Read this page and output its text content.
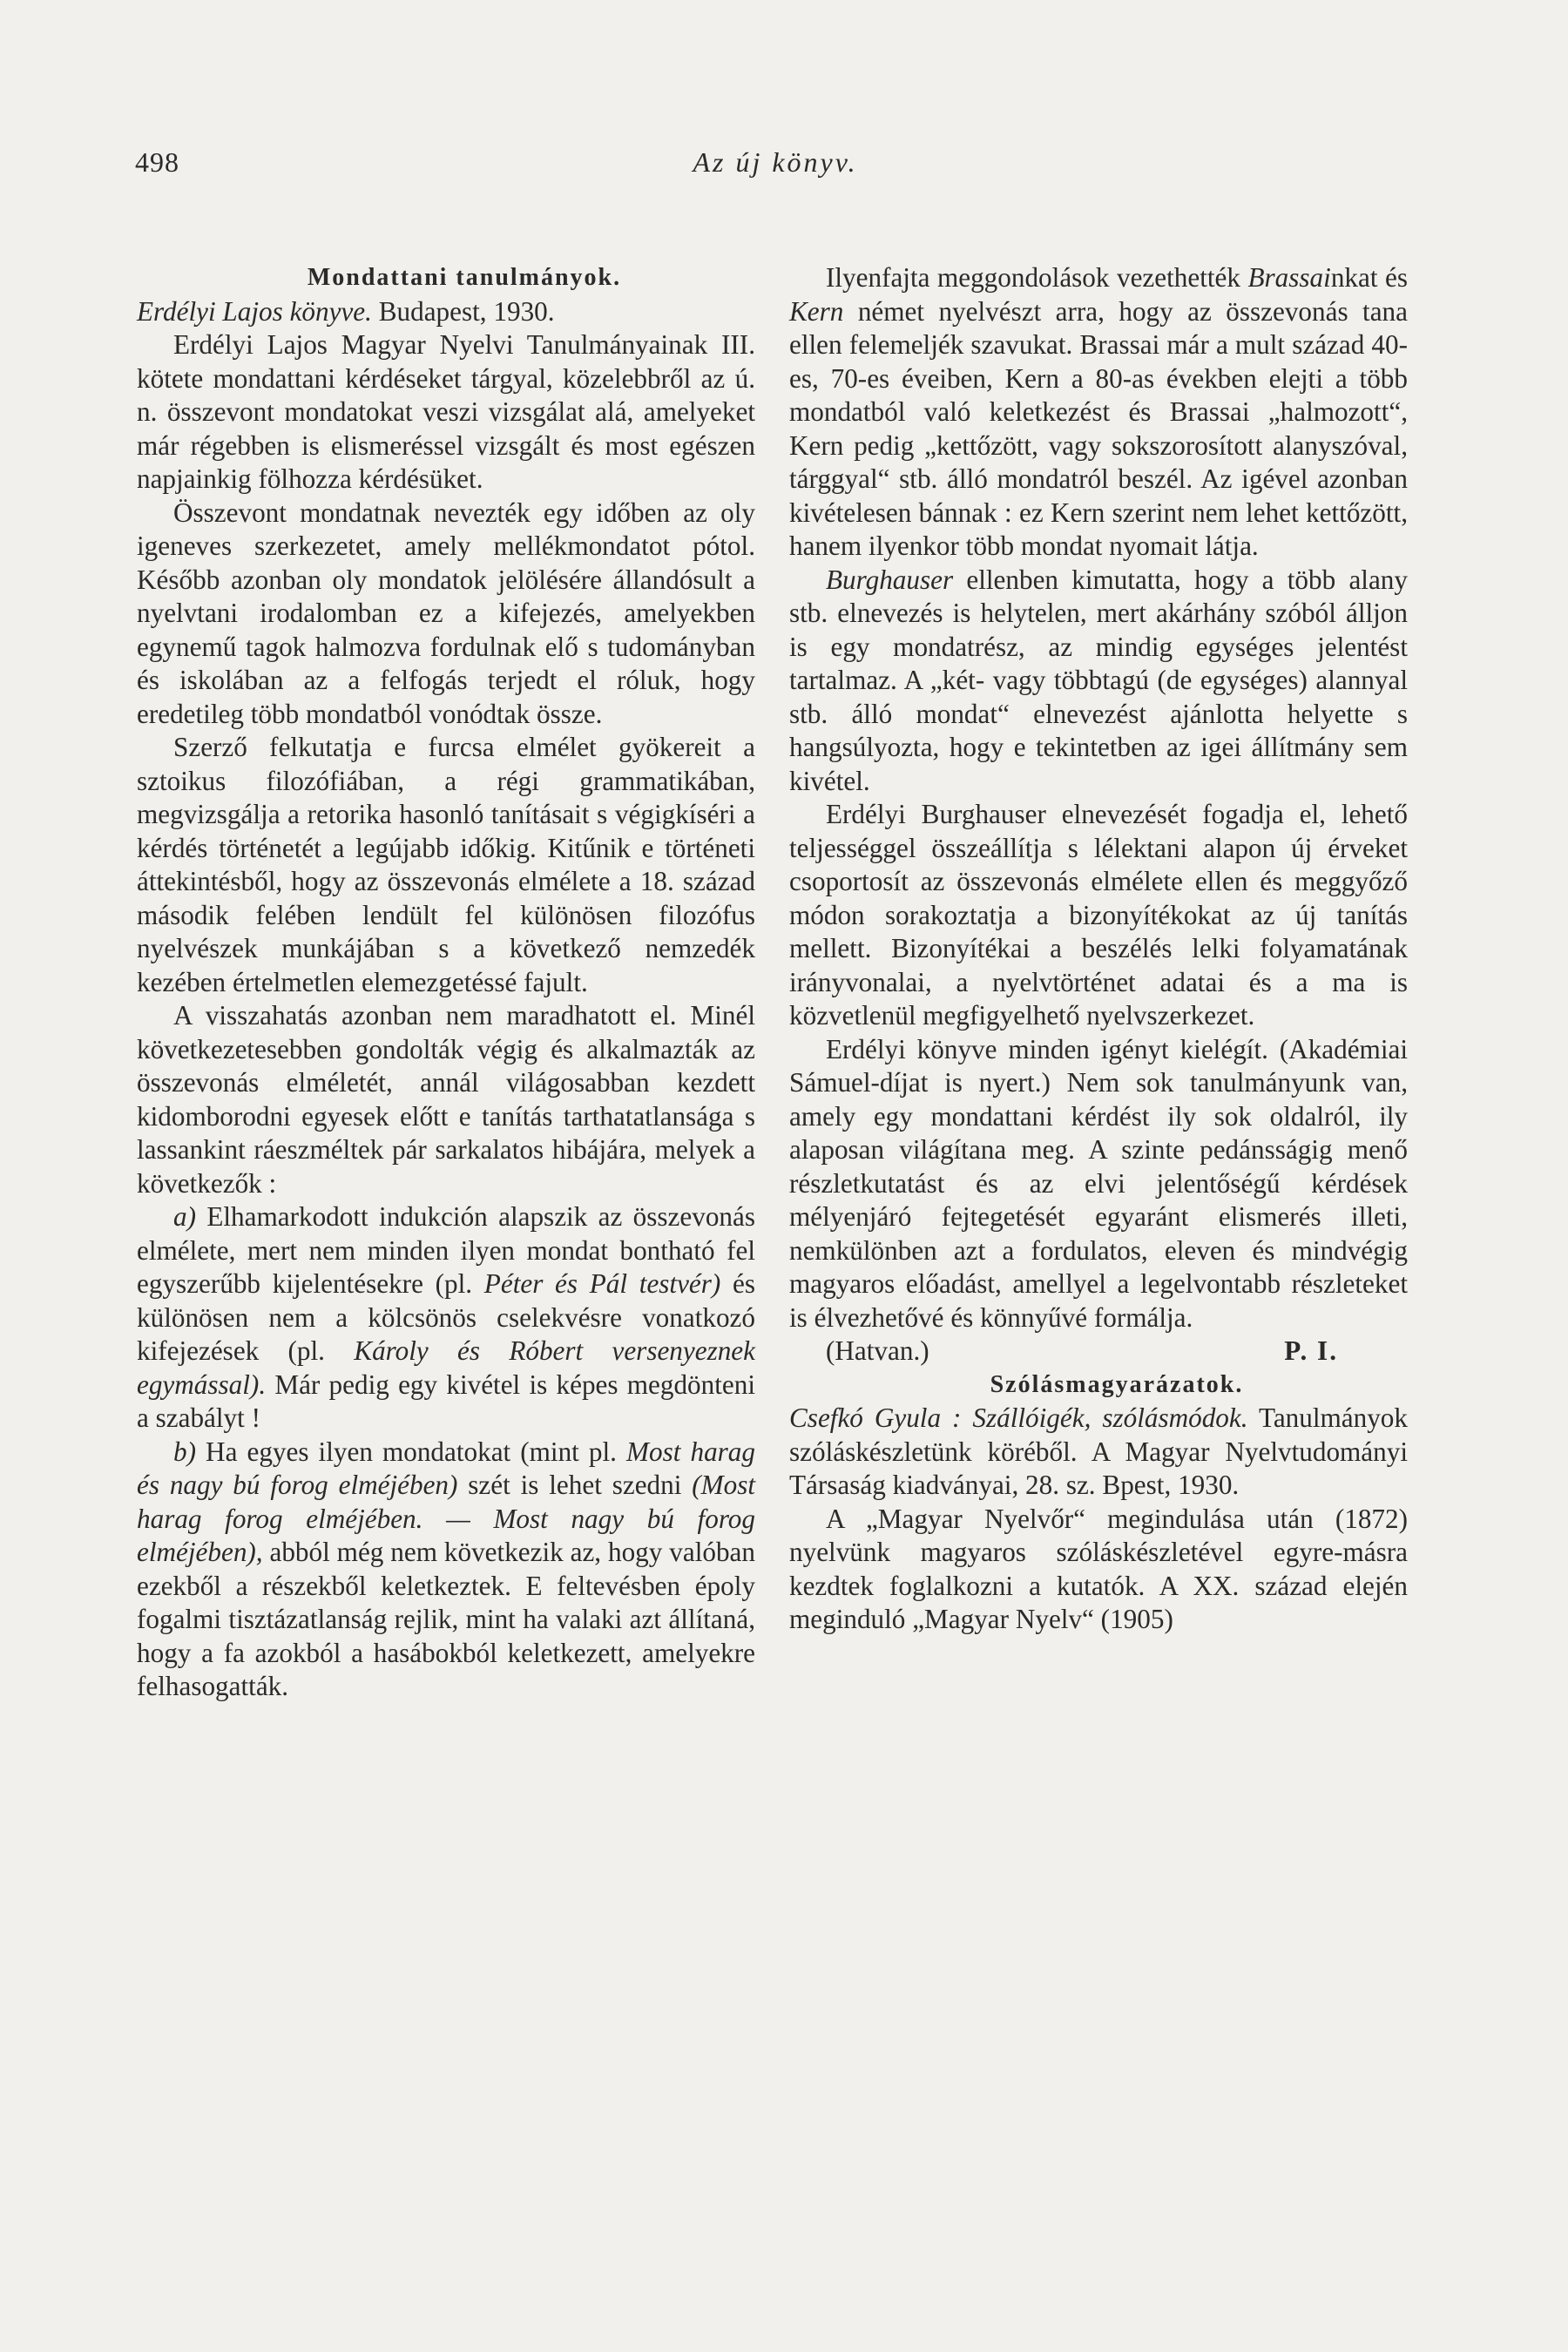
498	Az új könyv.

Mondattani tanulmányok.

Erdélyi Lajos könyve. Budapest, 1930.

Erdélyi Lajos Magyar Nyelvi Tanulmányainak III. kötete mondattani kérdéseket tárgyal, közelebbről az ú. n. összevont mondatokat veszi vizsgálat alá, amelyeket már régebben is elismeréssel vizsgált és most egészen napjainkig fölhozza kérdésüket.

Összevont mondatnak nevezték egy időben az oly igeneves szerkezetet, amely mellékmondatot pótol. Később azonban oly mondatok jelölésére állandósult a nyelvtani irodalomban ez a kifejezés, amelyekben egynemű tagok halmozva fordulnak elő s tudományban és iskolában az a felfogás terjedt el róluk, hogy eredetileg több mondatból vonódtak össze.

Szerző felkutatja e furcsa elmélet gyökereit a sztoikus filozófiában, a régi grammatikában, megvizsgálja a retorika hasonló tanításait s végigkíséri a kérdés történetét a legújabb időkig. Kitűnik e történeti áttekintésből, hogy az összevonás elmélete a 18. század második felében lendült fel különösen filozófus nyelvészek munkájában s a következő nemzedék kezében értelmetlen elemezgetéssé fajult.

A visszahatás azonban nem maradhatott el. Minél következetesebben gondolták végig és alkalmazták az összevonás elméletét, annál világosabban kezdett kidomborodni egyesek előtt e tanítás tarthatatlansága s lassankint ráeszméltek pár sarkalatos hibájára, melyek a következők :

a) Elhamarkodott indukción alapszik az összevonás elmélete, mert nem minden ilyen mondat bontható fel egyszerűbb kijelentésekre (pl. Péter és Pál testvér) és különösen nem a kölcsönös cselekvésre vonatkozó kifejezések (pl. Károly és Róbert versenyeznek egymással). Már pedig egy kivétel is képes megdönteni a szabályt !

b) Ha egyes ilyen mondatokat (mint pl. Most harag és nagy bú forog elméjében) szét is lehet szedni (Most harag forog elméjében. — Most nagy bú forog elméjében), abból még nem következik az, hogy valóban ezekből a részekből keletkeztek. E feltevésben époly fogalmi tisztázatlanság rejlik, mint ha valaki azt állítaná, hogy a fa azokból a hasábokból keletkezett, amelyekre felhasogatták.

Ilyenfajta meggondolások vezethették Brassainkat és Kern német nyelvészt arra, hogy az összevonás tana ellen felemeljék szavukat. Brassai már a mult század 40-es, 70-es éveiben, Kern a 80-as években elejti a több mondatból való keletkezést és Brassai „halmozott“, Kern pedig „kettőzött, vagy sokszorosított alanyszóval, tárggyal“ stb. álló mondatról beszél. Az igével azonban kivételesen bánnak : ez Kern szerint nem lehet kettőzött, hanem ilyenkor több mondat nyomait látja.

Burghauser ellenben kimutatta, hogy a több alany stb. elnevezés is helytelen, mert akárhány szóból álljon is egy mondatrész, az mindig egységes jelentést tartalmaz. A „két- vagy többtagú (de egységes) alannyal stb. álló mondat“ elnevezést ajánlotta helyette s hangsúlyozta, hogy e tekintetben az igei állítmány sem kivétel.

Erdélyi Burghauser elnevezését fogadja el, lehető teljességgel összeállítja s lélektani alapon új érveket csoportosít az összevonás elmélete ellen és meggyőző módon sorakoztatja a bizonyítékokat az új tanítás mellett. Bizonyítékai a beszélés lelki folyamatának irányvonalai, a nyelvtörténet adatai és a ma is közvetlenül megfigyelhető nyelvszerkezet.

Erdélyi könyve minden igényt kielégít. (Akadémiai Sámuel-díjat is nyert.) Nem sok tanulmányunk van, amely egy mondattani kérdést ily sok oldalról, ily alaposan világítana meg. A szinte pedánsságig menő részletkutatást és az elvi jelentőségű kérdések mélyenjáró fejtegetését egyaránt elismerés illeti, nemkülönben azt a fordulatos, eleven és mindvégig magyaros előadást, amellyel a legelvontabb részleteket is élvezhetővé és könnyűvé formálja.

(Hatvan.)	P. I.

Szólásmagyarázatok.

Csefkó Gyula : Szállóigék, szólásmódok. Tanulmányok szóláskészletünk köréből. A Magyar Nyelvtudományi Társaság kiadványai, 28. sz. Bpest, 1930.

A „Magyar Nyelvőr“ megindulása után (1872) nyelvünk magyaros szóláskészletével egyre-másra kezdtek foglalkozni a kutatók. A XX. század elején meginduló „Magyar Nyelv“ (1905)
